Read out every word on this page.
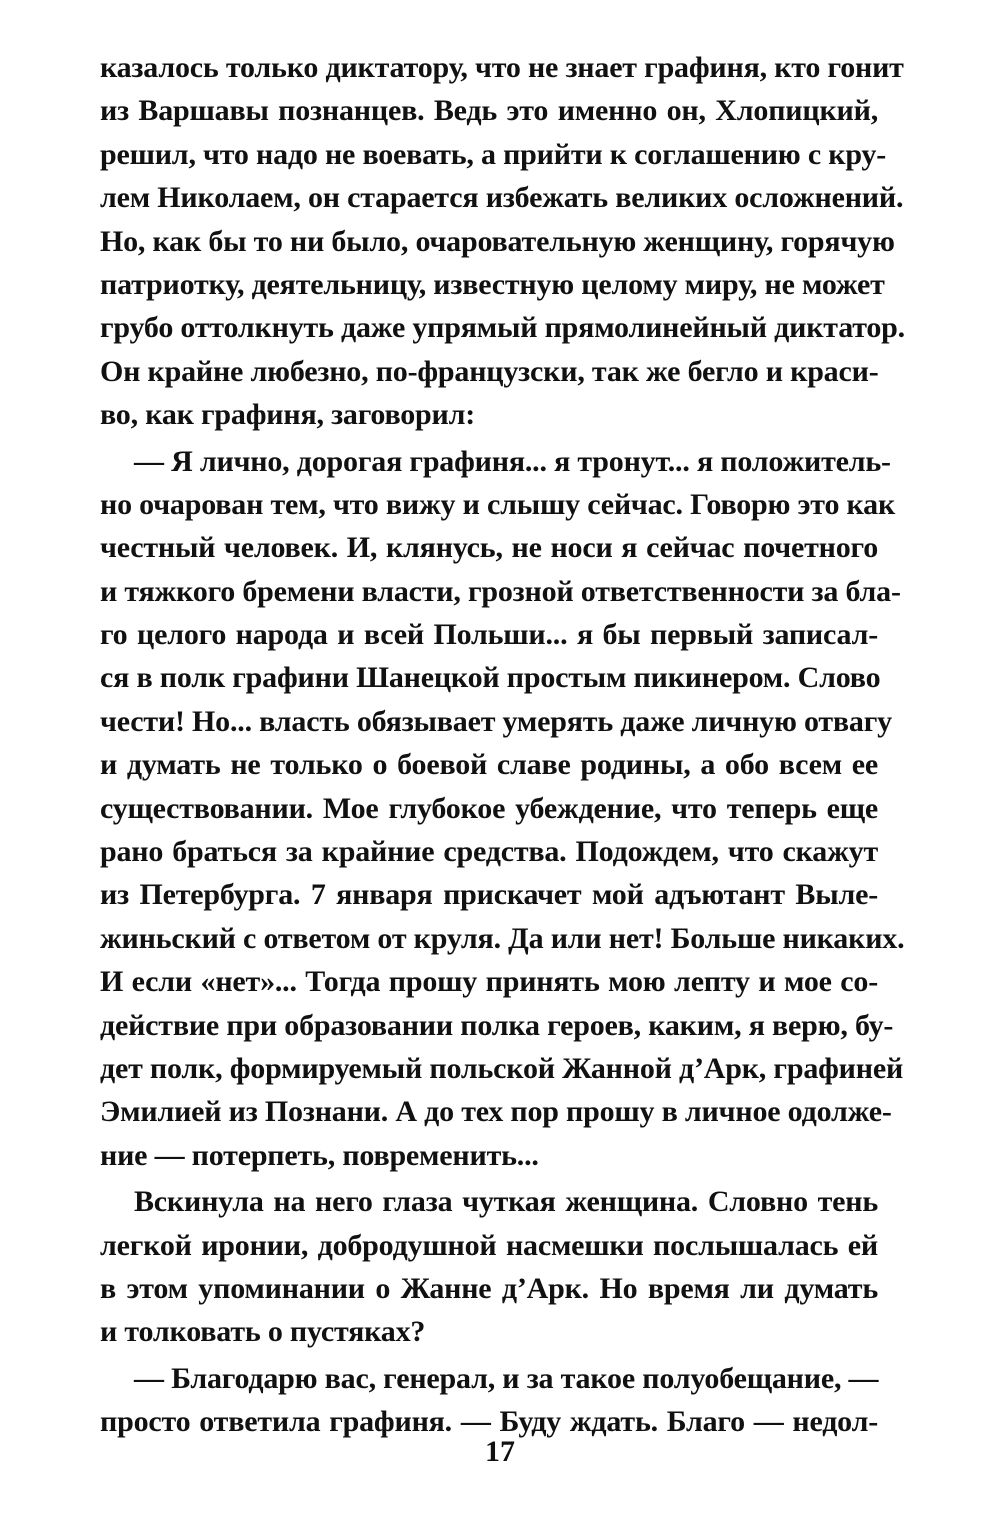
казалось только диктатору, что не знает графиня, кто гонит
из Варшавы познанцев. Ведь это именно он, Хлопицкий,
решил, что надо не воевать, а прийти к соглашению с кру-
лем Николаем, он старается избежать великих осложнений.
Но, как бы то ни было, очаровательную женщину, горячую
патриотку, деятельницу, известную целому миру, не может
грубо оттолкнуть даже упрямый прямолинейный диктатор.
Он крайне любезно, по-французски, так же бегло и краси-
во, как графиня, заговорил:
— Я лично, дорогая графиня... я тронут... я положитель-
но очарован тем, что вижу и слышу сейчас. Говорю это как
честный человек. И, клянусь, не носи я сейчас почетного
и тяжкого бремени власти, грозной ответственности за бла-
го целого народа и всей Польши... я бы первый записал-
ся в полк графини Шанецкой простым пикинером. Слово
чести! Но... власть обязывает умерять даже личную отвагу
и думать не только о боевой славе родины, а обо всем ее
существовании. Мое глубокое убеждение, что теперь еще
рано браться за крайние средства. Подождем, что скажут
из Петербурга. 7 января прискачет мой адъютант Выле-
жиньский с ответом от круля. Да или нет! Больше никаких.
И если «нет»... Тогда прошу принять мою лепту и мое со-
действие при образовании полка героев, каким, я верю, бу-
дет полк, формируемый польской Жанной д’Арк, графиней
Эмилией из Познани. А до тех пор прошу в личное одолже-
ние — потерпеть, повременить...
Вскинула на него глаза чуткая женщина. Словно тень
легкой иронии, добродушной насмешки послышалась ей
в этом упоминании о Жанне д’Арк. Но время ли думать
и толковать о пустяках?
— Благодарю вас, генерал, и за такое полуобещание, —
просто ответила графиня. — Буду ждать. Благо — недол-
17
